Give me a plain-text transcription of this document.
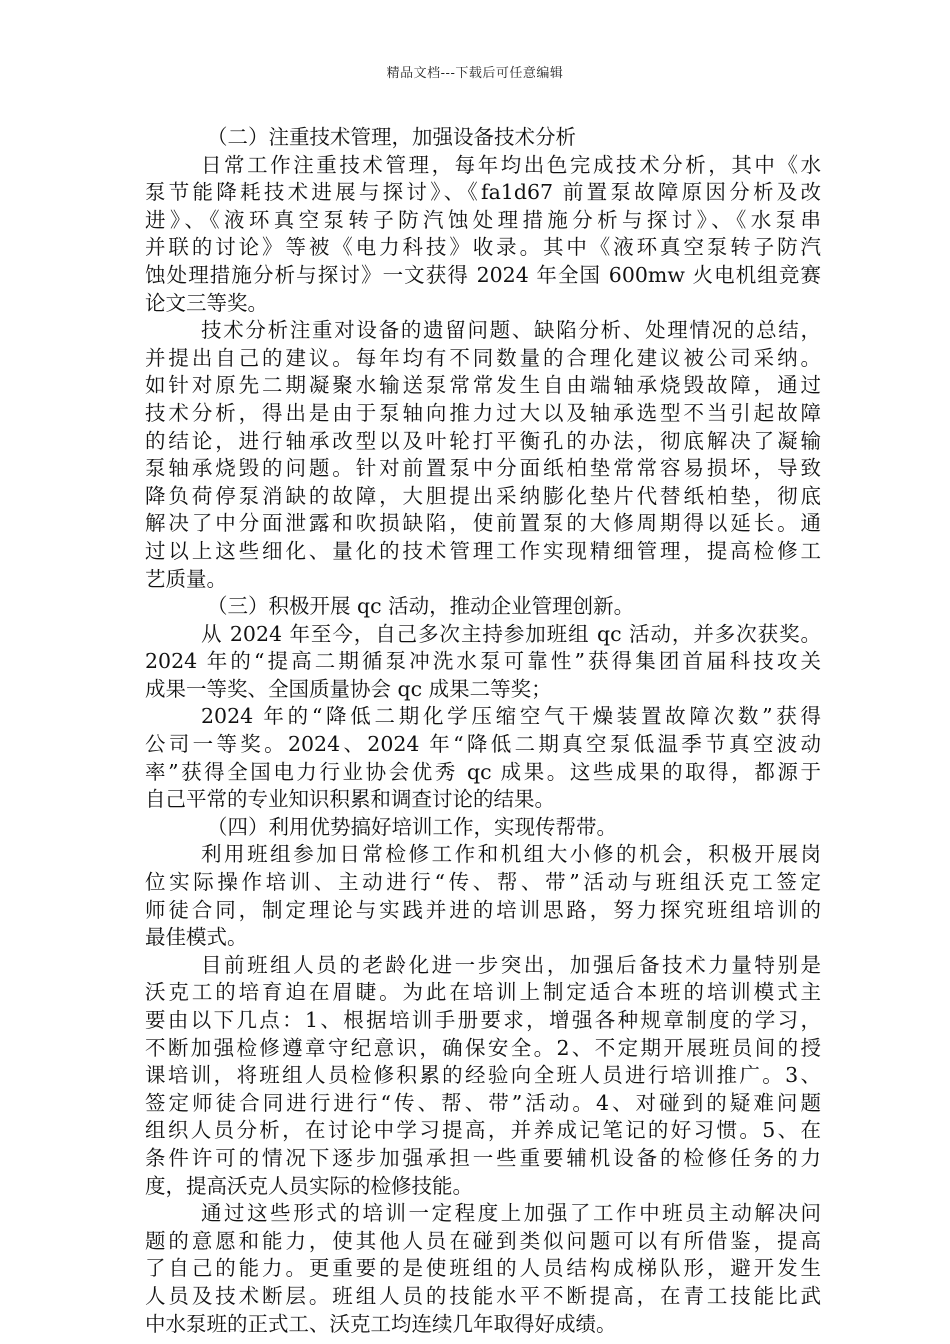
精品文档---下载后可任意编辑
（二）注重技术管理，加强设备技术分析
日常工作注重技术管理，每年均出色完成技术分析，其中《水
泵节能降耗技术进展与探讨》、《fa1d67 前置泵故障原因分析及改
进》、《液环真空泵转子防汽蚀处理措施分析与探讨》、《水泵串
并联的讨论》等被《电力科技》收录。其中《液环真空泵转子防汽
蚀处理措施分析与探讨》一文获得 2024 年全国 600mw 火电机组竞赛
论文三等奖。
技术分析注重对设备的遗留问题、缺陷分析、处理情况的总结，
并提出自己的建议。每年均有不同数量的合理化建议被公司采纳。
如针对原先二期凝聚水输送泵常常发生自由端轴承烧毁故障，通过
技术分析，得出是由于泵轴向推力过大以及轴承选型不当引起故障
的结论，进行轴承改型以及叶轮打平衡孔的办法，彻底解决了凝输
泵轴承烧毁的问题。针对前置泵中分面纸柏垫常常容易损坏，导致
降负荷停泵消缺的故障，大胆提出采纳膨化垫片代替纸柏垫，彻底
解决了中分面泄露和吹损缺陷，使前置泵的大修周期得以延长。通
过以上这些细化、量化的技术管理工作实现精细管理，提高检修工
艺质量。
（三）积极开展 qc 活动，推动企业管理创新。
从 2024 年至今，自己多次主持参加班组 qc 活动，并多次获奖。
2024 年的“提高二期循泵冲洗水泵可靠性”获得集团首届科技攻关
成果一等奖、全国质量协会 qc 成果二等奖；
2024 年的“降低二期化学压缩空气干燥装置故障次数”获得
公司一等奖。2024、2024 年“降低二期真空泵低温季节真空波动
率”获得全国电力行业协会优秀 qc 成果。这些成果的取得，都源于
自己平常的专业知识积累和调查讨论的结果。
（四）利用优势搞好培训工作，实现传帮带。
利用班组参加日常检修工作和机组大小修的机会，积极开展岗
位实际操作培训、主动进行“传、帮、带”活动与班组沃克工签定
师徒合同，制定理论与实践并进的培训思路，努力探究班组培训的
最佳模式。
目前班组人员的老龄化进一步突出，加强后备技术力量特别是
沃克工的培育迫在眉睫。为此在培训上制定适合本班的培训模式主
要由以下几点：1、根据培训手册要求，增强各种规章制度的学习，
不断加强检修遵章守纪意识，确保安全。2、不定期开展班员间的授
课培训，将班组人员检修积累的经验向全班人员进行培训推广。3、
签定师徒合同进行进行“传、帮、带”活动。4、对碰到的疑难问题
组织人员分析，在讨论中学习提高，并养成记笔记的好习惯。5、在
条件许可的情况下逐步加强承担一些重要辅机设备的检修任务的力
度，提高沃克人员实际的检修技能。
通过这些形式的培训一定程度上加强了工作中班员主动解决问
题的意愿和能力，使其他人员在碰到类似问题可以有所借鉴，提高
了自己的能力。更重要的是使班组的人员结构成梯队形，避开发生
人员及技术断层。班组人员的技能水平不断提高，在青工技能比武
中水泵班的正式工、沃克工均连续几年取得好成绩。
